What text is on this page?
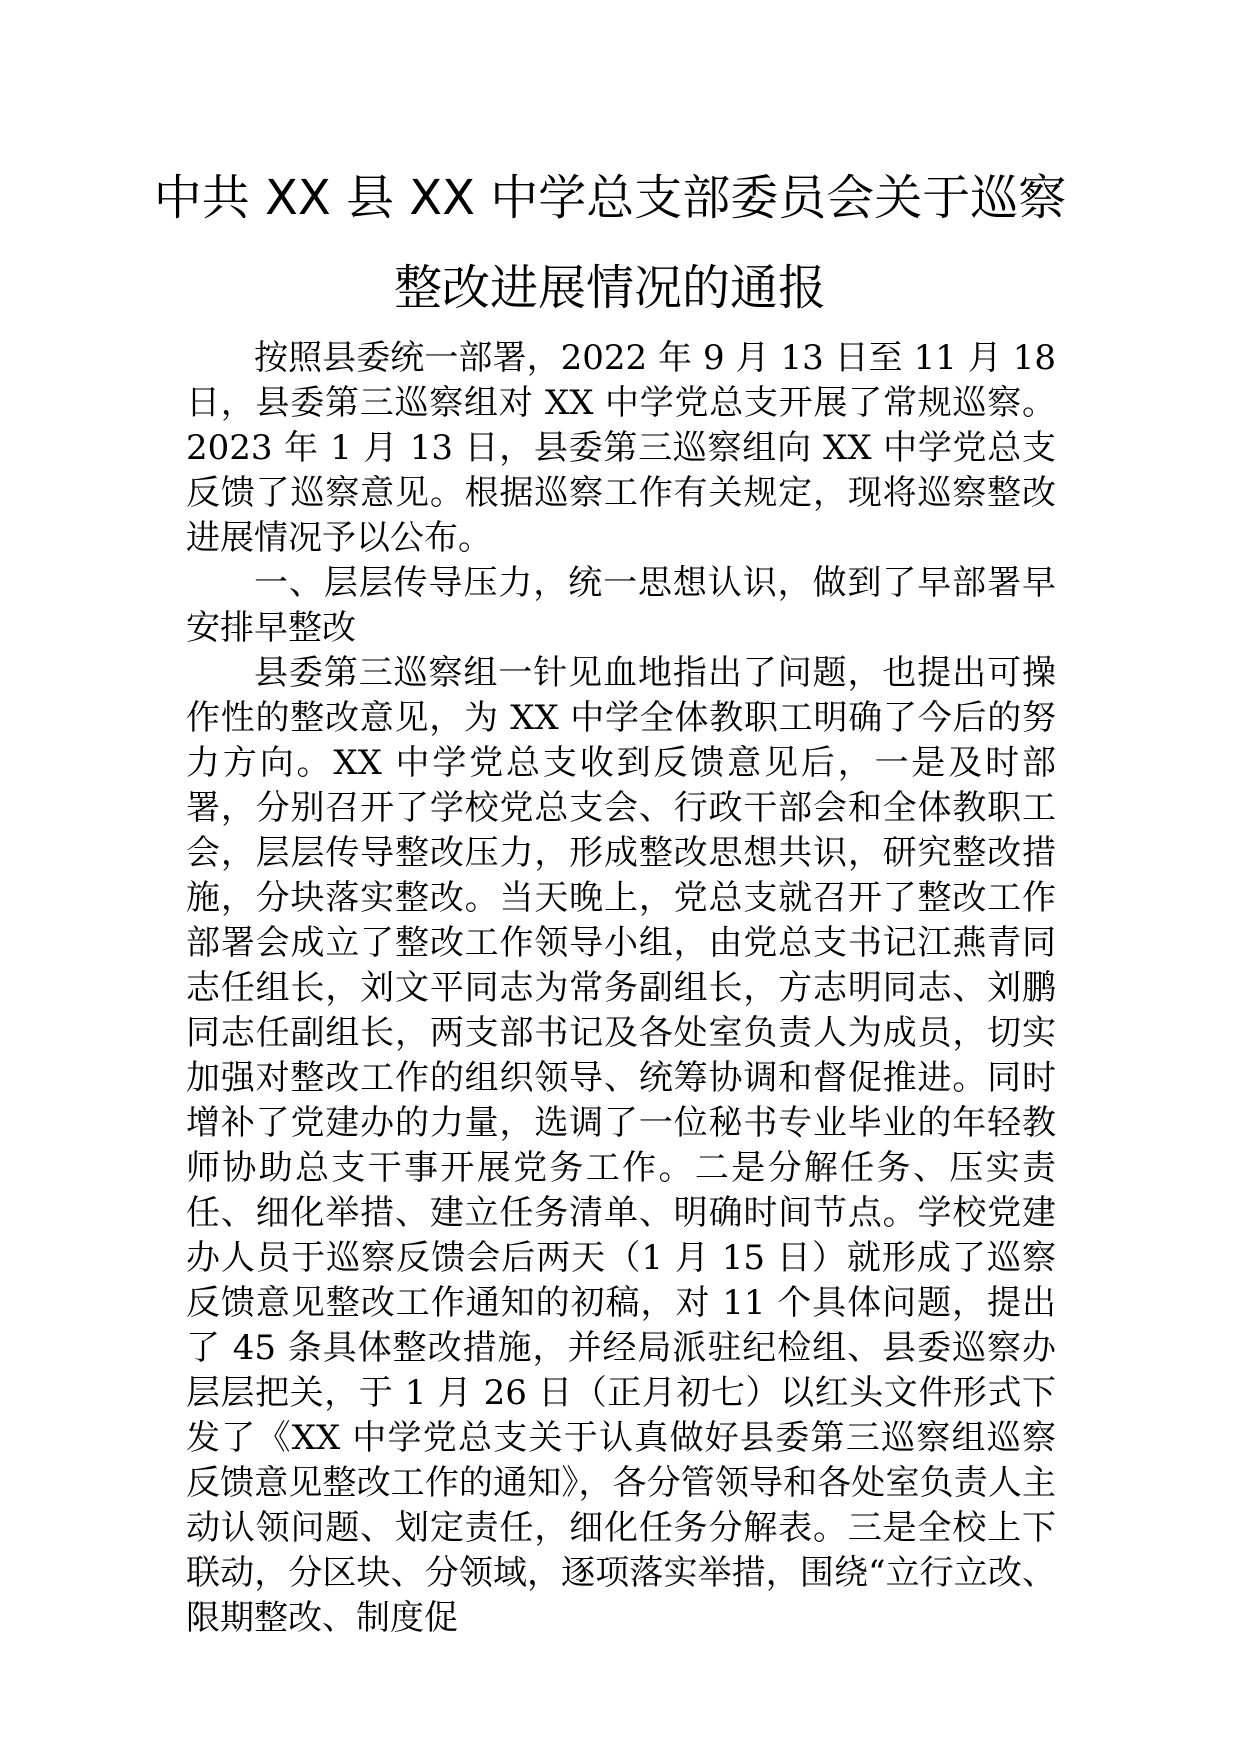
中共 XX 县 XX 中学总支部委员会关于巡察
整改进展情况的通报

按照县委统一部署，2022 年 9 月 13 日至 11 月 18 日，县委第三巡察组对 XX 中学党总支开展了常规巡察。2023 年 1 月 13 日，县委第三巡察组向 XX 中学党总支反馈了巡察意见。根据巡察工作有关规定，现将巡察整改进展情况予以公布。

一、层层传导压力，统一思想认识，做到了早部署早安排早整改

县委第三巡察组一针见血地指出了问题，也提出可操作性的整改意见，为 XX 中学全体教职工明确了今后的努力方向。XX 中学党总支收到反馈意见后，一是及时部署，分别召开了学校党总支会、行政干部会和全体教职工会，层层传导整改压力，形成整改思想共识，研究整改措施，分块落实整改。当天晚上，党总支就召开了整改工作部署会成立了整改工作领导小组，由党总支书记江燕青同志任组长，刘文平同志为常务副组长，方志明同志、刘鹏同志任副组长，两支部书记及各处室负责人为成员，切实加强对整改工作的组织领导、统筹协调和督促推进。同时增补了党建办的力量，选调了一位秘书专业毕业的年轻教师协助总支干事开展党务工作。二是分解任务、压实责任、细化举措、建立任务清单、明确时间节点。学校党建办人员于巡察反馈会后两天（1 月 15 日）就形成了巡察反馈意见整改工作通知的初稿，对 11 个具体问题，提出了 45 条具体整改措施，并经局派驻纪检组、县委巡察办层层把关，于 1 月 26 日（正月初七）以红头文件形式下发了《XX 中学党总支关于认真做好县委第三巡察组巡察反馈意见整改工作的通知》，各分管领导和各处室负责人主动认领问题、划定责任，细化任务分解表。三是全校上下联动，分区块、分领域，逐项落实举措，围绕“立行立改、限期整改、制度促
